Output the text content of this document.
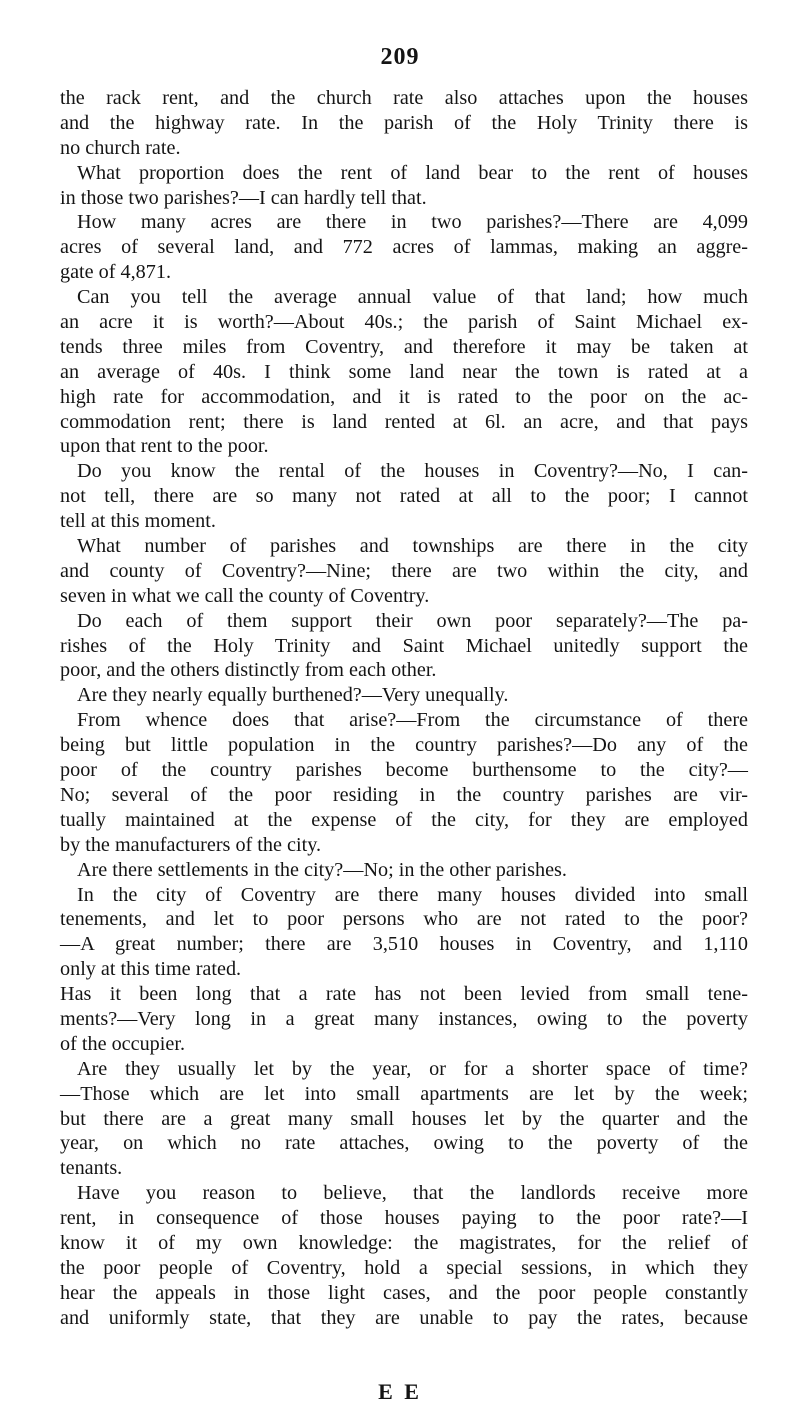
209
the rack rent, and the church rate also attaches upon the houses
and the highway rate. In the parish of the Holy Trinity there is
no church rate.
What proportion does the rent of land bear to the rent of houses
in those two parishes?—I can hardly tell that.
How many acres are there in two parishes?—There are 4,099
acres of several land, and 772 acres of lammas, making an aggre-
gate of 4,871.
Can you tell the average annual value of that land; how much
an acre it is worth?—About 40s.; the parish of Saint Michael ex-
tends three miles from Coventry, and therefore it may be taken at
an average of 40s. I think some land near the town is rated at a
high rate for accommodation, and it is rated to the poor on the ac-
commodation rent; there is land rented at 6l. an acre, and that pays
upon that rent to the poor.
Do you know the rental of the houses in Coventry?—No, I can-
not tell, there are so many not rated at all to the poor; I cannot
tell at this moment.
What number of parishes and townships are there in the city
and county of Coventry?—Nine; there are two within the city, and
seven in what we call the county of Coventry.
Do each of them support their own poor separately?—The pa-
rishes of the Holy Trinity and Saint Michael unitedly support the
poor, and the others distinctly from each other.
Are they nearly equally burthened?—Very unequally.
From whence does that arise?—From the circumstance of there
being but little population in the country parishes?—Do any of the
poor of the country parishes become burthensome to the city?—
No; several of the poor residing in the country parishes are vir-
tually maintained at the expense of the city, for they are employed
by the manufacturers of the city.
Are there settlements in the city?—No; in the other parishes.
In the city of Coventry are there many houses divided into small
tenements, and let to poor persons who are not rated to the poor?
—A great number; there are 3,510 houses in Coventry, and 1,110
only at this time rated.
Has it been long that a rate has not been levied from small tene-
ments?—Very long in a great many instances, owing to the poverty
of the occupier.
Are they usually let by the year, or for a shorter space of time?
—Those which are let into small apartments are let by the week;
but there are a great many small houses let by the quarter and the
year, on which no rate attaches, owing to the poverty of the
tenants.
Have you reason to believe, that the landlords receive more
rent, in consequence of those houses paying to the poor rate?—I
know it of my own knowledge: the magistrates, for the relief of
the poor people of Coventry, hold a special sessions, in which they
hear the appeals in those light cases, and the poor people constantly
and uniformly state, that they are unable to pay the rates, because
E E
